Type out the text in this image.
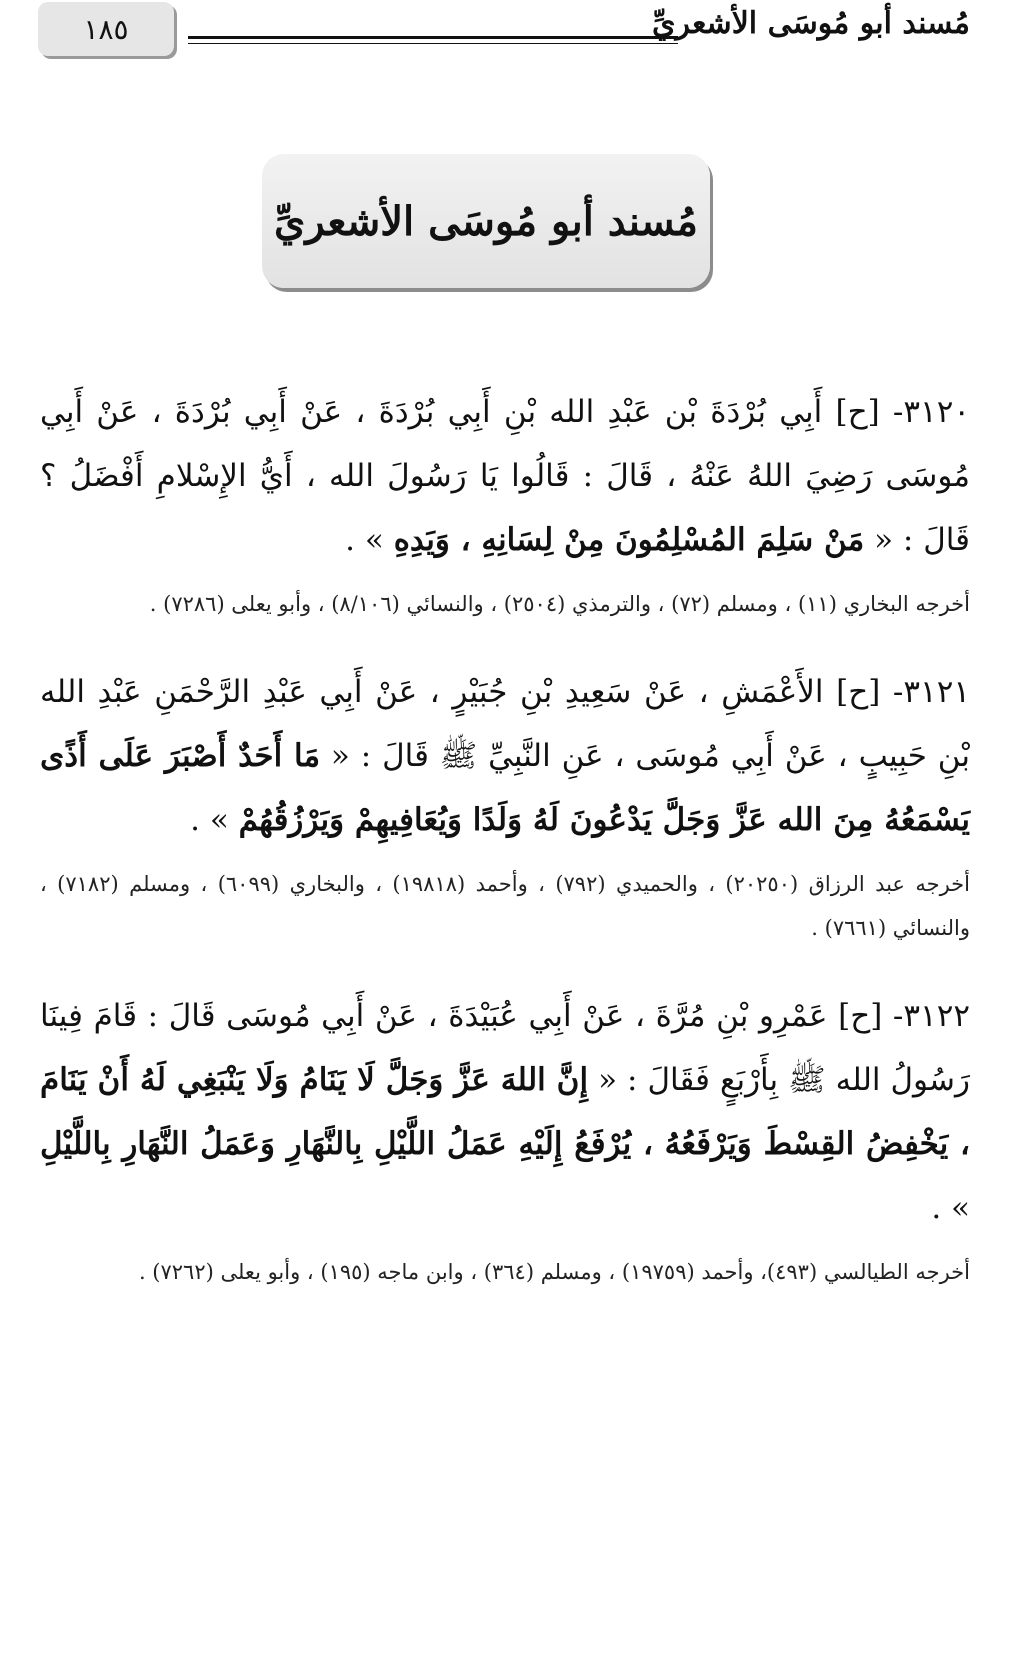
١٨٥	مُسند أبو مُوسَى الأشعريِّ
مُسند أبو مُوسَى الأشعريِّ

٣١٢٠- [ح] أَبِي بُرْدَةَ بْن عَبْدِ الله بْنِ أَبِي بُرْدَةَ ، عَنْ أَبِي بُرْدَةَ ، عَنْ أَبِي مُوسَى رَضِيَ اللهُ عَنْهُ ، قَالَ : قَالُوا يَا رَسُولَ الله ، أَيُّ الإِسْلامِ أَفْضَلُ ؟ قَالَ : « مَنْ سَلِمَ المُسْلِمُونَ مِنْ لِسَانِهِ ، وَيَدِهِ » .

أخرجه البخاري (١١) ، ومسلم (٧٢) ، والترمذي (٢٥٠٤) ، والنسائي (٨/١٠٦) ، وأبو يعلى (٧٢٨٦) .

٣١٢١- [ح] الأَعْمَشِ ، عَنْ سَعِيدِ بْنِ جُبَيْرٍ ، عَنْ أَبِي عَبْدِ الرَّحْمَنِ عَبْدِ الله بْنِ حَبِيبٍ ، عَنْ أَبِي مُوسَى ، عَنِ النَّبِيِّ ﷺ قَالَ : « مَا أَحَدٌ أَصْبَرَ عَلَى أَذًى يَسْمَعُهُ مِنَ الله عَزَّ وَجَلَّ يَدْعُونَ لَهُ وَلَدًا وَيُعَافِيهِمْ وَيَرْزُقُهُمْ » .

أخرجه عبد الرزاق (٢٠٢٥٠) ، والحميدي (٧٩٢) ، وأحمد (١٩٨١٨) ، والبخاري (٦٠٩٩) ، ومسلم (٧١٨٢) ، والنسائي (٧٦٦١) .

٣١٢٢- [ح] عَمْرِو بْنِ مُرَّةَ ، عَنْ أَبِي عُبَيْدَةَ ، عَنْ أَبِي مُوسَى قَالَ : قَامَ فِينَا رَسُولُ الله ﷺ بِأَرْبَعٍ فَقَالَ : « إِنَّ اللهَ عَزَّ وَجَلَّ لَا يَنَامُ وَلَا يَنْبَغِي لَهُ أَنْ يَنَامَ ، يَخْفِضُ القِسْطَ وَيَرْفَعُهُ ، يُرْفَعُ إِلَيْهِ عَمَلُ اللَّيْلِ بِالنَّهَارِ وَعَمَلُ النَّهَارِ بِاللَّيْلِ » .

أخرجه الطيالسي (٤٩٣)، وأحمد (١٩٧٥٩) ، ومسلم (٣٦٤) ، وابن ماجه (١٩٥) ، وأبو يعلى (٧٢٦٢) .
